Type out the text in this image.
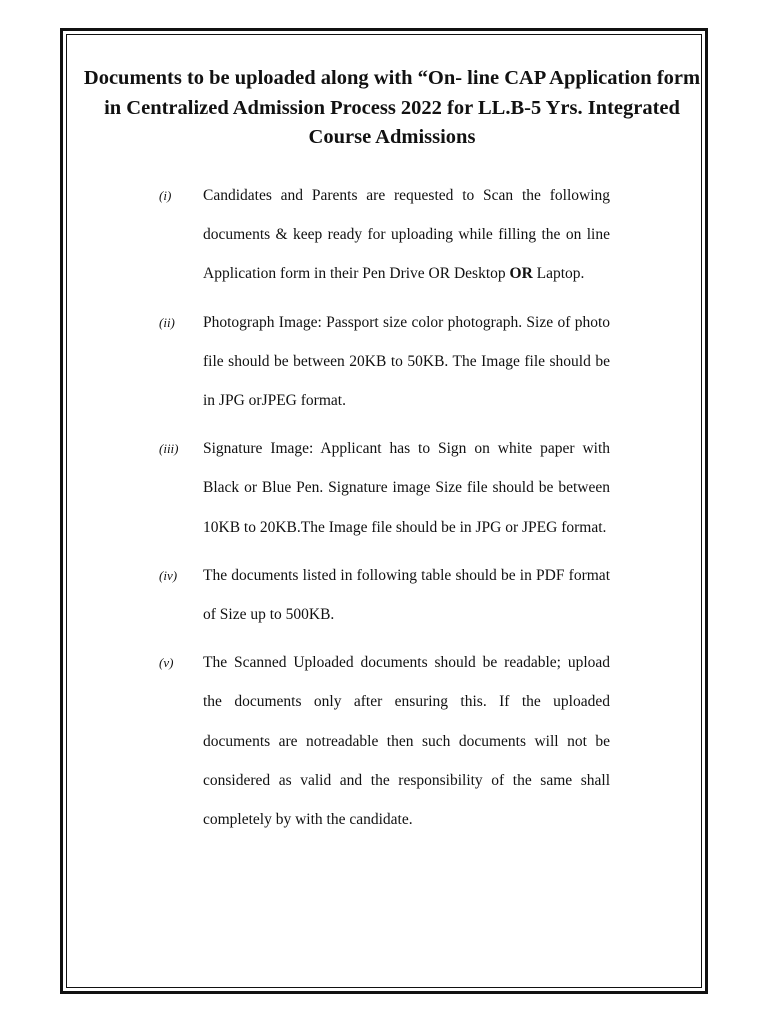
Documents to be uploaded along with “On- line CAP Application form in Centralized Admission Process 2022 for LL.B-5 Yrs. Integrated Course Admissions
(i) Candidates and Parents are requested to Scan the following documents & keep ready for uploading while filling the on line Application form in their Pen Drive OR Desktop OR Laptop.
(ii) Photograph Image: Passport size color photograph. Size of photo file should be between 20KB to 50KB. The Image file should be in JPG orJPEG format.
(iii) Signature Image: Applicant has to Sign on white paper with Black or Blue Pen. Signature image Size file should be between 10KB to 20KB.The Image file should be in JPG or JPEG format.
(iv) The documents listed in following table should be in PDF format of Size up to 500KB.
(v) The Scanned Uploaded documents should be readable; upload the documents only after ensuring this. If the uploaded documents are notreadable then such documents will not be considered as valid and the responsibility of the same shall completely by with the candidate.
